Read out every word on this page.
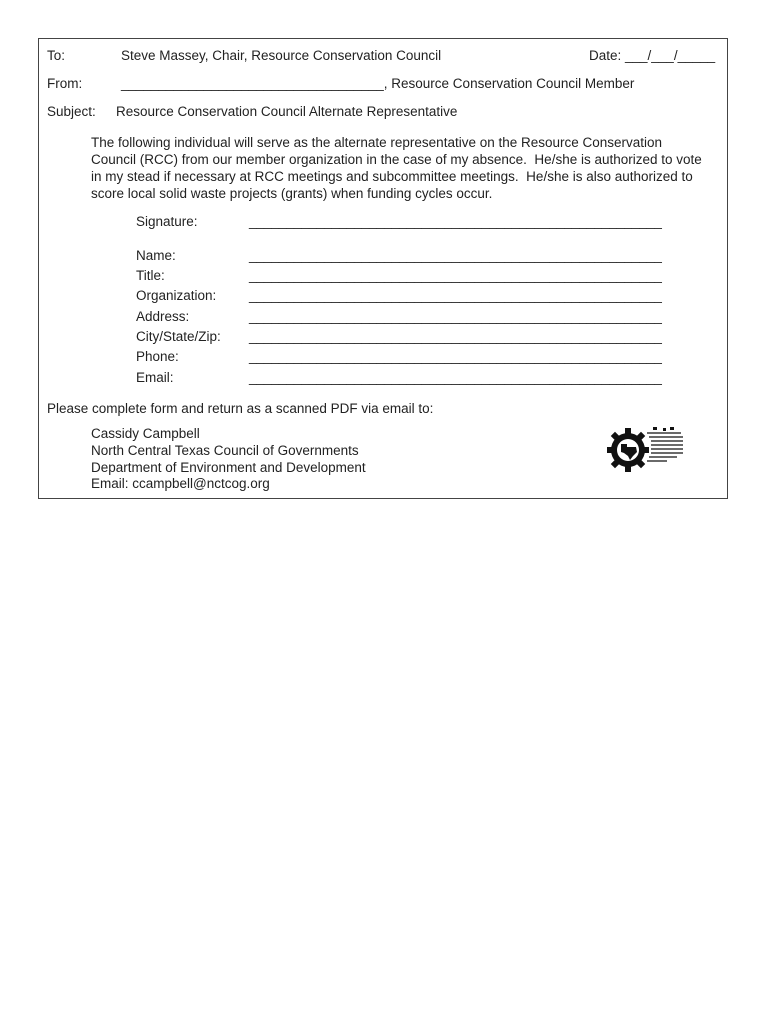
To:	Steve Massey, Chair, Resource Conservation Council	Date: ___/___/_____
From:	___________________________________, Resource Conservation Council Member
Subject: Resource Conservation Council Alternate Representative
The following individual will serve as the alternate representative on the Resource Conservation
Council (RCC) from our member organization in the case of my absence.  He/she is authorized to vote
in my stead if necessary at RCC meetings and subcommittee meetings.  He/she is also authorized to
score local solid waste projects (grants) when funding cycles occur.
Signature:	_______________________________________________________
Name:	_______________________________________________________
Title:	_______________________________________________________
Organization: _______________________________________________________
Address:	_______________________________________________________
City/State/Zip: _______________________________________________________
Phone:	_______________________________________________________
Email:	_______________________________________________________
Please complete form and return as a scanned PDF via email to:
Cassidy Campbell
North Central Texas Council of Governments
Department of Environment and Development
Email: ccampbell@nctcog.org
